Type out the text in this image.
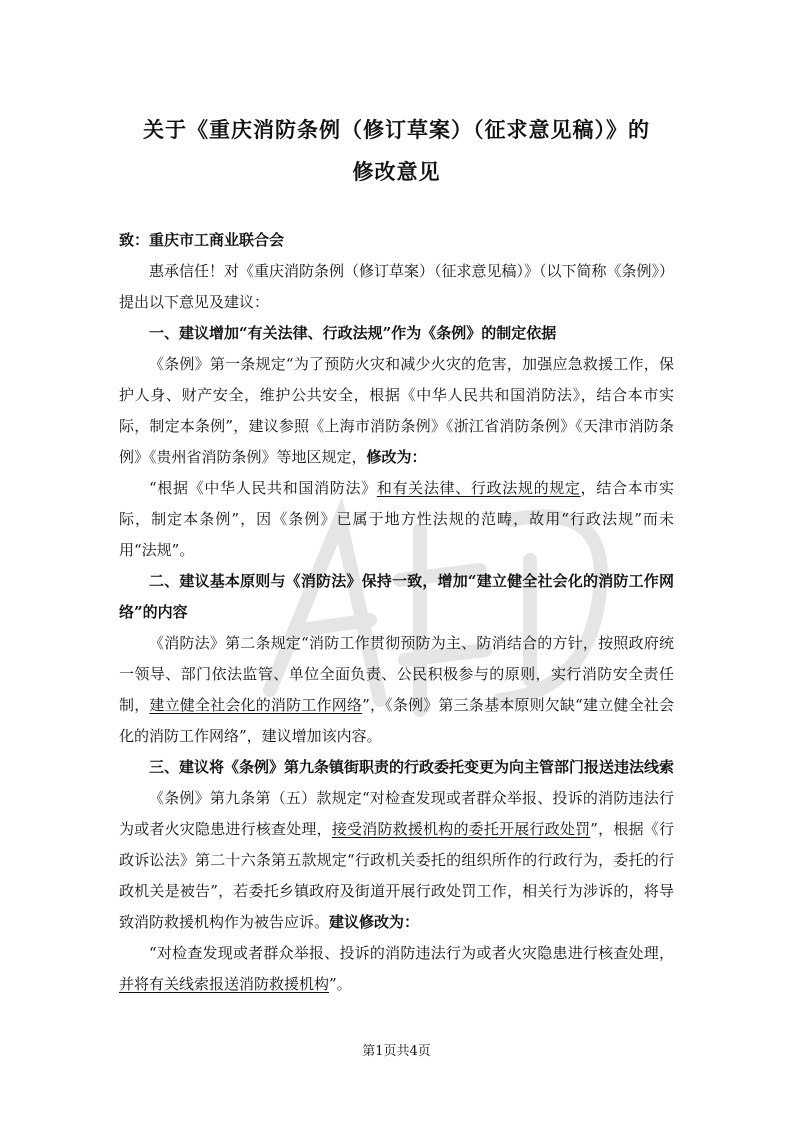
关于《重庆消防条例（修订草案）（征求意见稿）》的
修改意见

致：重庆市工商业联合会

惠承信任！对《重庆消防条例（修订草案）（征求意见稿）》（以下简称《条例》）提出以下意见及建议：

一、建议增加“有关法律、行政法规”作为《条例》的制定依据

《条例》第一条规定“为了预防火灾和减少火灾的危害，加强应急救援工作，保护人身、财产安全，维护公共安全，根据《中华人民共和国消防法》，结合本市实际，制定本条例”，建议参照《上海市消防条例》《浙江省消防条例》《天津市消防条例》《贵州省消防条例》等地区规定，修改为：

“根据《中华人民共和国消防法》和有关法律、行政法规的规定，结合本市实际，制定本条例”，因《条例》已属于地方性法规的范畴，故用“行政法规”而未用“法规”。

二、建议基本原则与《消防法》保持一致，增加“建立健全社会化的消防工作网络”的内容

《消防法》第二条规定“消防工作贯彻预防为主、防消结合的方针，按照政府统一领导、部门依法监管、单位全面负责、公民积极参与的原则，实行消防安全责任制，建立健全社会化的消防工作网络”，《条例》第三条基本原则欠缺“建立健全社会化的消防工作网络”，建议增加该内容。

三、建议将《条例》第九条镇街职责的行政委托变更为向主管部门报送违法线索

《条例》第九条第（五）款规定“对检查发现或者群众举报、投诉的消防违法行为或者火灾隐患进行核查处理，接受消防救援机构的委托开展行政处罚”，根据《行政诉讼法》第二十六条第五款规定“行政机关委托的组织所作的行政行为，委托的行政机关是被告”，若委托乡镇政府及街道开展行政处罚工作，相关行为涉诉的，将导致消防救援机构作为被告应诉。建议修改为：

“对检查发现或者群众举报、投诉的消防违法行为或者火灾隐患进行核查处理，并将有关线索报送消防救援机构”。

第1页共4页
